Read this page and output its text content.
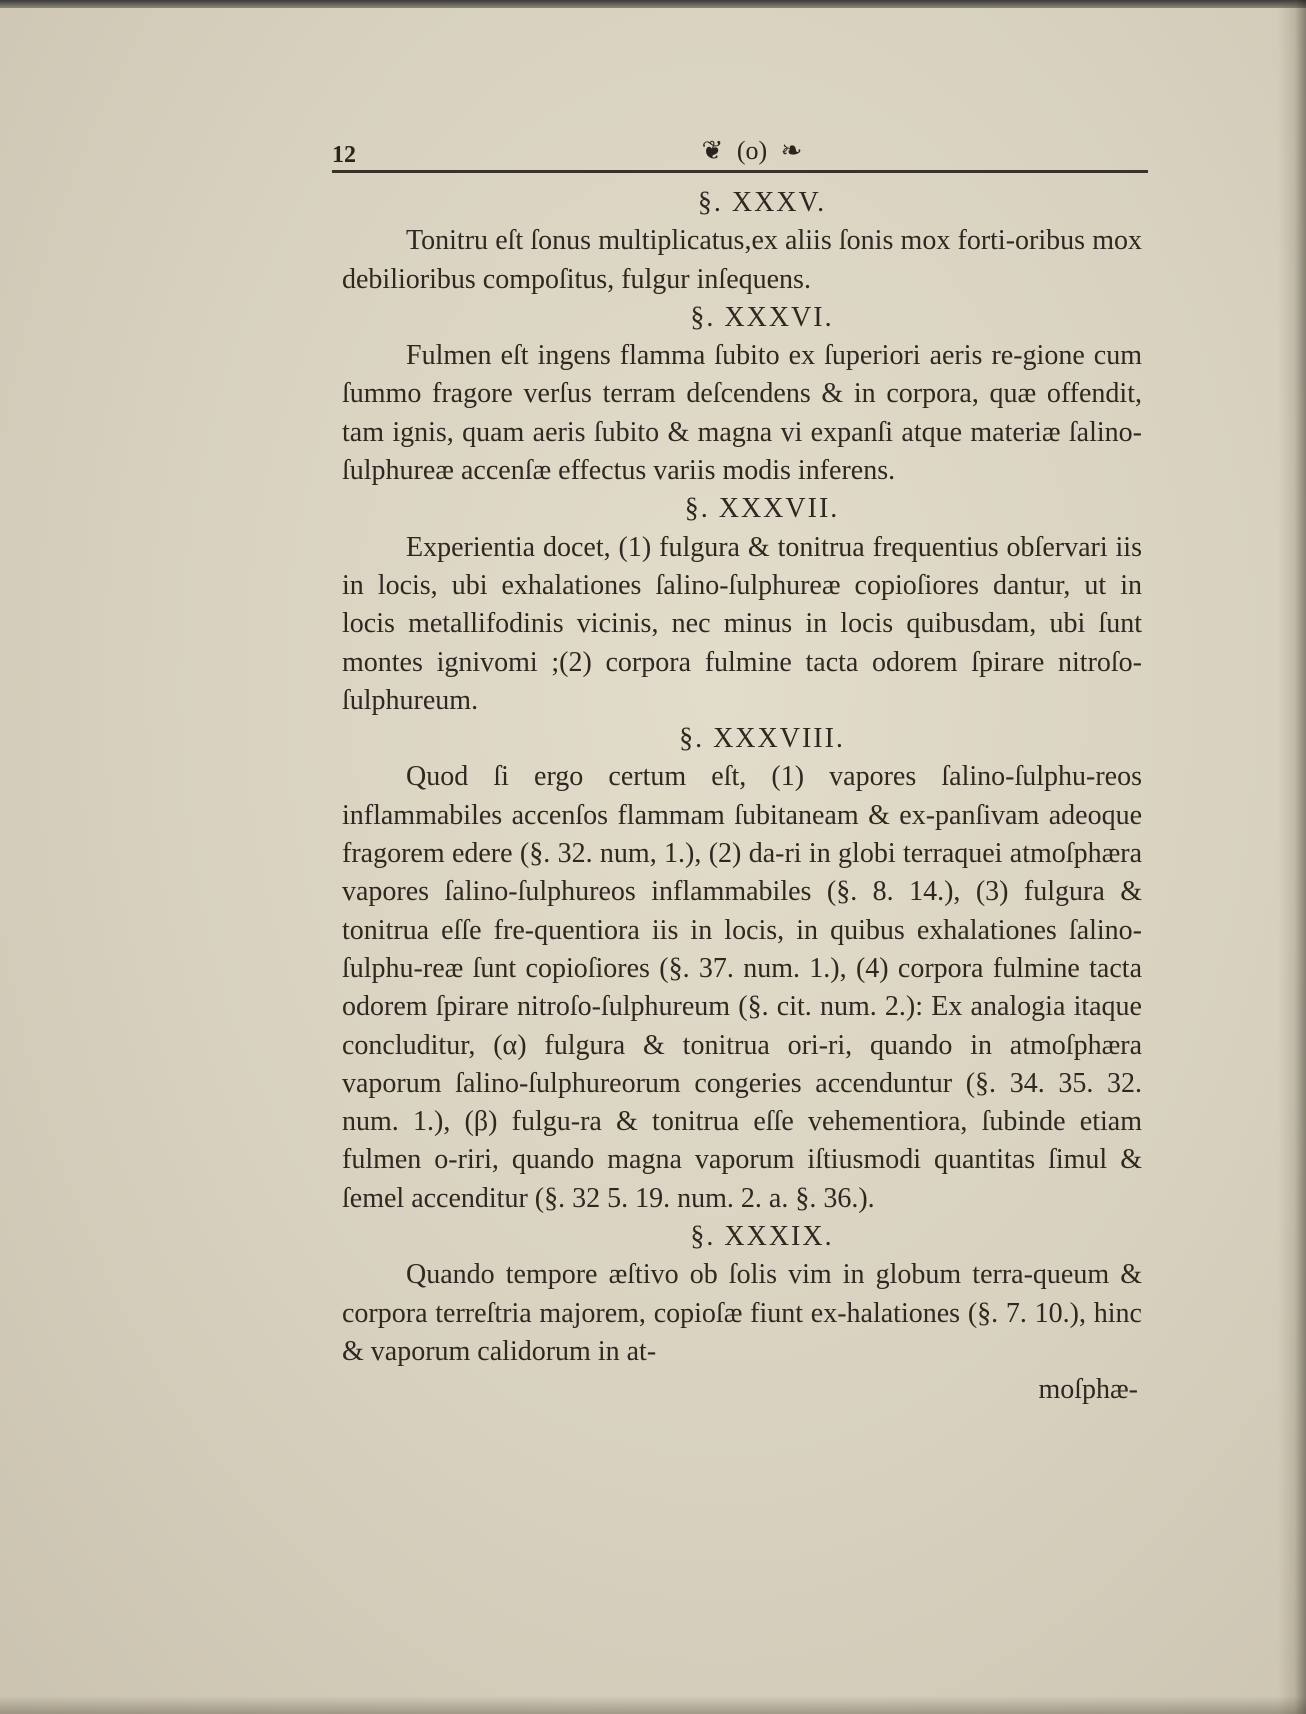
12	❦ (o) ❧

§. XXXV.

Tonitru eſt ſonus multiplicatus,ex aliis ſonis mox forti-oribus mox debilioribus compoſitus, fulgur inſequens.

§. XXXVI.

Fulmen eſt ingens flamma ſubito ex ſuperiori aeris re-gione cum ſummo fragore verſus terram deſcendens & in corpora, quæ offendit, tam ignis, quam aeris ſubito & magna vi expanſi atque materiæ ſalino-ſulphureæ accenſæ effectus variis modis inferens.

§. XXXVII.

Experientia docet, (1) fulgura & tonitrua frequentius obſervari iis in locis, ubi exhalationes ſalino-ſulphureæ copioſiores dantur, ut in locis metallifodinis vicinis, nec minus in locis quibusdam, ubi ſunt montes ignivomi ;(2) corpora fulmine tacta odorem ſpirare nitroſo-ſulphureum.

§. XXXVIII.

Quod ſi ergo certum eſt, (1) vapores ſalino-ſulphu-reos inflammabiles accenſos flammam ſubitaneam & ex-panſivam adeoque fragorem edere (§. 32. num, 1.), (2) da-ri in globi terraquei atmoſphæra vapores ſalino-ſulphureos inflammabiles (§. 8. 14.), (3) fulgura & tonitrua eſſe fre-quentiora iis in locis, in quibus exhalationes ſalino-ſulphu-reæ ſunt copioſiores (§. 37. num. 1.), (4) corpora fulmine tacta odorem ſpirare nitroſo-ſulphureum (§. cit. num. 2.): Ex analogia itaque concluditur, (α) fulgura & tonitrua ori-ri, quando in atmoſphæra vaporum ſalino-ſulphureorum congeries accenduntur (§. 34. 35. 32. num. 1.), (β) fulgu-ra & tonitrua eſſe vehementiora, ſubinde etiam fulmen o-riri, quando magna vaporum iſtiusmodi quantitas ſimul & ſemel accenditur (§. 32 5. 19. num. 2. a. §. 36.).

§. XXXIX.

Quando tempore æſtivo ob ſolis vim in globum terra-queum & corpora terreſtria majorem, copioſæ fiunt ex-halationes (§. 7. 10.), hinc & vaporum calidorum in at-

moſphæ-
